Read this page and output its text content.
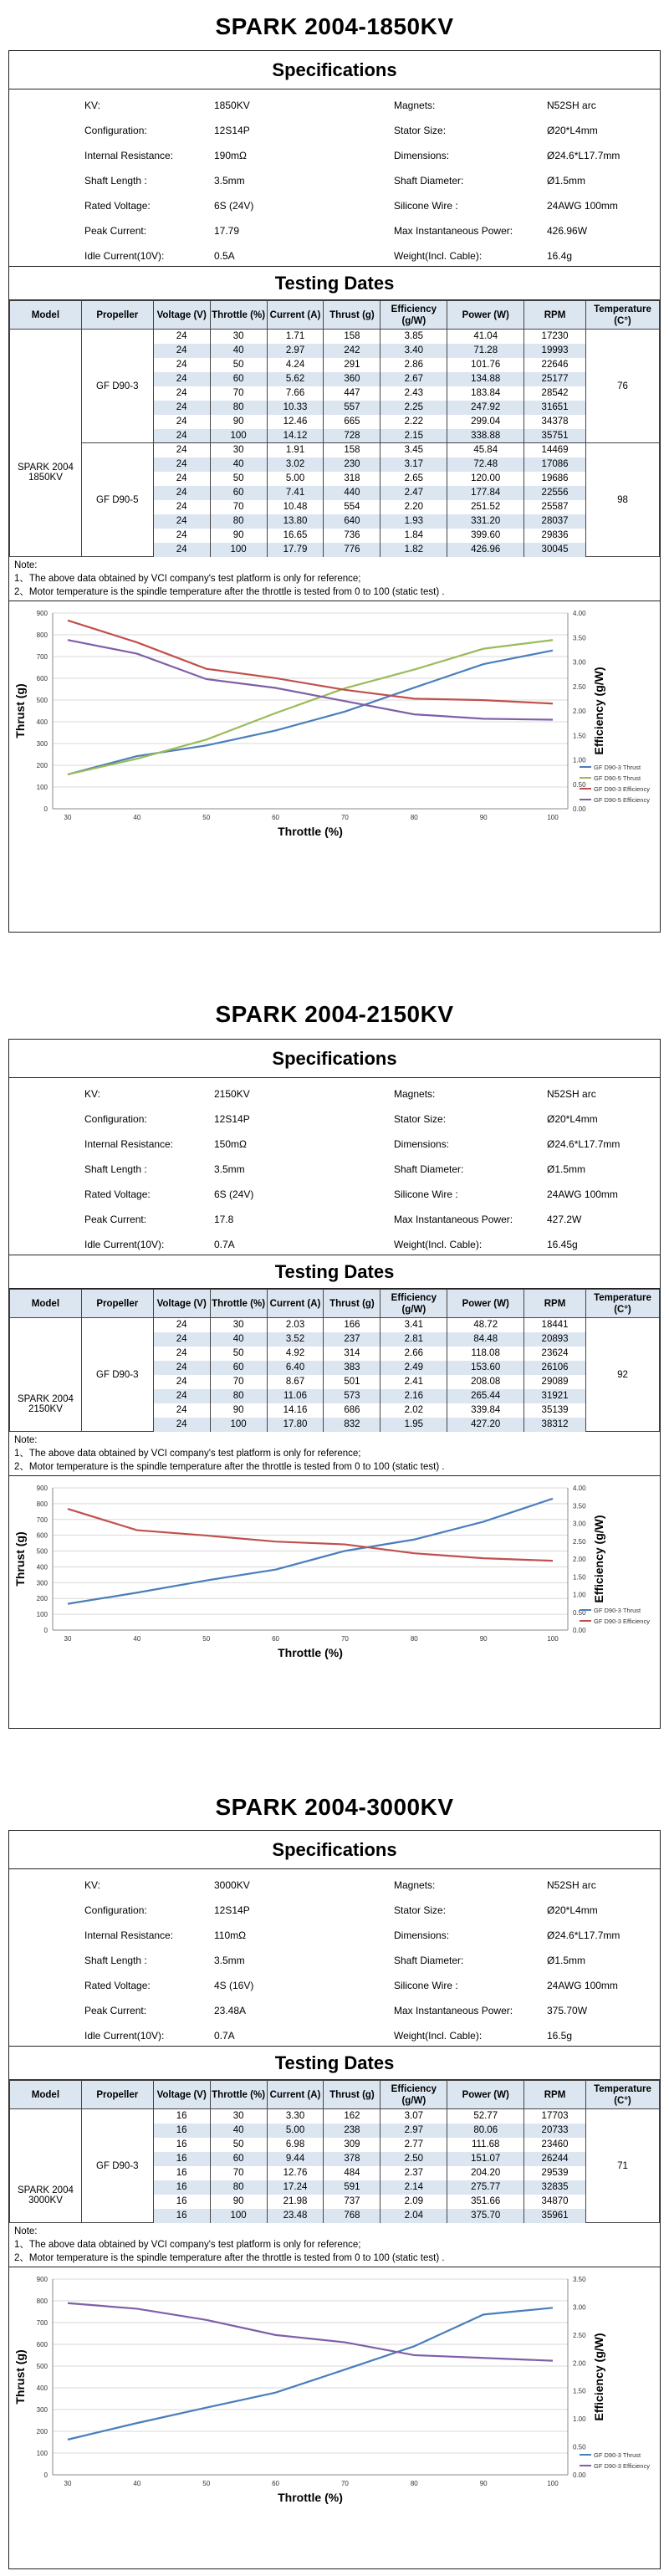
SPARK 2004-1850KV
Specifications
KV:	1850KV	Magnets:	N52SH arc
Configuration:	12S14P	Stator Size:	Ø20*L4mm
Internal Resistance:	190mΩ	Dimensions:	Ø24.6*L17.7mm
Shaft Length :	3.5mm	Shaft Diameter:	Ø1.5mm
Rated Voltage:	6S (24V)	Silicone Wire :	24AWG 100mm
Peak Current:	17.79	Max Instantaneous Power:	426.96W
Idle Current(10V):	0.5A	Weight(Incl. Cable):	16.4g
Testing Dates
Model	Propeller	Voltage (V)	Throttle (%)	Current (A)	Thrust (g)	Efficiency (g/W)	Power (W)	RPM	Temperature (C°)

SPARK 2004
1850KV	GF D90-3	24	30	1.71	158	3.85	41.04	17230	76
		24	40	2.97	242	3.40	71.28	19993	
		24	50	4.24	291	2.86	101.76	22646	
		24	60	5.62	360	2.67	134.88	25177	
		24	70	7.66	447	2.43	183.84	28542	
		24	80	10.33	557	2.25	247.92	31651	
		24	90	12.46	665	2.22	299.04	34378	
		24	100	14.12	728	2.15	338.88	35751	
	GF D90-5	24	30	1.91	158	3.45	45.84	14469	98
		24	40	3.02	230	3.17	72.48	17086	
		24	50	5.00	318	2.65	120.00	19686	
		24	60	7.41	440	2.47	177.84	22556	
		24	70	10.48	554	2.20	251.52	25587	
		24	80	13.80	640	1.93	331.20	28037	
		24	90	16.65	736	1.84	399.60	29836	
		24	100	17.79	776	1.82	426.96	30045	
Note:
1、The above data obtained by VCI company's test platform is only for reference;
2、Motor temperature is the spindle temperature after the throttle is tested from 0 to 100 (static test) .
0
100
200
300
400
500
600
700
800
900
0.00
0.50
1.00
1.50
2.00
2.50
3.00
3.50
4.00
30	40	50	60	70	80	90	100
Throttle (%)
Thrust (g)	Efficiency (g/W)
GF D90-3 Thrust
GF D90-5 Thrust
GF D90-3 Efficiency
GF D90-5 Efficiency
SPARK 2004-2150KV
Specifications
KV:	2150KV	Magnets:	N52SH arc
Configuration:	12S14P	Stator Size:	Ø20*L4mm
Internal Resistance:	150mΩ	Dimensions:	Ø24.6*L17.7mm
Shaft Length :	3.5mm	Shaft Diameter:	Ø1.5mm
Rated Voltage:	6S (24V)	Silicone Wire :	24AWG 100mm
Peak Current:	17.8	Max Instantaneous Power:	427.2W
Idle Current(10V):	0.7A	Weight(Incl. Cable):	16.45g
Testing Dates
Model	Propeller	Voltage (V)	Throttle (%)	Current (A)	Thrust (g)	Efficiency (g/W)	Power (W)	RPM	Temperature (C°)

SPARK 2004
2150KV	GF D90-3	24	30	2.03	166	3.41	48.72	18441	92
		24	40	3.52	237	2.81	84.48	20893	
		24	50	4.92	314	2.66	118.08	23624	
		24	60	6.40	383	2.49	153.60	26106	
		24	70	8.67	501	2.41	208.08	29089	
		24	80	11.06	573	2.16	265.44	31921	
		24	90	14.16	686	2.02	339.84	35139	
		24	100	17.80	832	1.95	427.20	38312	
Note:
1、The above data obtained by VCI company's test platform is only for reference;
2、Motor temperature is the spindle temperature after the throttle is tested from 0 to 100 (static test) .
0
100
200
300
400
500
600
700
800
900
0.00
0.50
1.00
1.50
2.00
2.50
3.00
3.50
4.00
30	40	50	60	70	80	90	100
Throttle (%)
Thrust (g)	Efficiency (g/W)
GF D90-3 Thrust
GF D90-3 Efficiency
SPARK 2004-3000KV
Specifications
KV:	3000KV	Magnets:	N52SH arc
Configuration:	12S14P	Stator Size:	Ø20*L4mm
Internal Resistance:	110mΩ	Dimensions:	Ø24.6*L17.7mm
Shaft Length :	3.5mm	Shaft Diameter:	Ø1.5mm
Rated Voltage:	4S (16V)	Silicone Wire :	24AWG 100mm
Peak Current:	23.48A	Max Instantaneous Power:	375.70W
Idle Current(10V):	0.7A	Weight(Incl. Cable):	16.5g
Testing Dates
Model	Propeller	Voltage (V)	Throttle (%)	Current (A)	Thrust (g)	Efficiency (g/W)	Power (W)	RPM	Temperature (C°)

SPARK 2004
3000KV	GF D90-3	16	30	3.30	162	3.07	52.77	17703	71
		16	40	5.00	238	2.97	80.06	20733	
		16	50	6.98	309	2.77	111.68	23460	
		16	60	9.44	378	2.50	151.07	26244	
		16	70	12.76	484	2.37	204.20	29539	
		16	80	17.24	591	2.14	275.77	32835	
		16	90	21.98	737	2.09	351.66	34870	
		16	100	23.48	768	2.04	375.70	35961	
Note:
1、The above data obtained by VCI company's test platform is only for reference;
2、Motor temperature is the spindle temperature after the throttle is tested from 0 to 100 (static test) .
0
100
200
300
400
500
600
700
800
900
0.00
0.50
1.00
1.50
2.00
2.50
3.00
3.50
30	40	50	60	70	80	90	100
Throttle (%)
Thrust (g)	Efficiency (g/W)
GF D90-3 Thrust
GF D90-3 Efficiency
